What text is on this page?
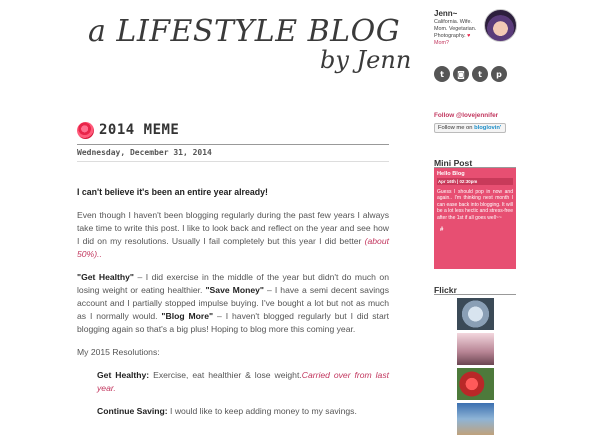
a LIFESTYLE BLOG
by Jenn
2014 MEME
Wednesday, December 31, 2014

I can't believe it's been an entire year already!

Even though I haven't been blogging regularly during the past few years I always take time to write this post. I like to look back and reflect on the year and see how I did on my resolutions. Usually I fail completely but this year I did better (about 50%)..

"Get Healthy" – I did exercise in the middle of the year but didn't do much on losing weight or eating healthier. "Save Money" – I have a semi decent savings account and I partially stopped impulse buying. I've bought a lot but not as much as I normally would. "Blog More" – I haven't blogged regularly but I did start blogging again so that's a big plus! Hoping to blog more this coming year.

My 2015 Resolutions:

Get Healthy: Exercise, eat healthier & lose weight.Carried over from last year.

Continue Saving: I would like to keep adding money to my savings.

Jenn~
California. Wife. Mom. Vegetarian. Photography. ♥ Mom?
t	◙	t	p
Follow @lovejennifer
Follow me on bloglovin'
Mini Post
Hello Blog
Apr 16th | 02:30pm
Guess I should pop in now and again.. I'm thinking next month I can ease back into blogging. It will be a lot less hectic and stress-free after the 1st if all goes well~~
#
Flickr
